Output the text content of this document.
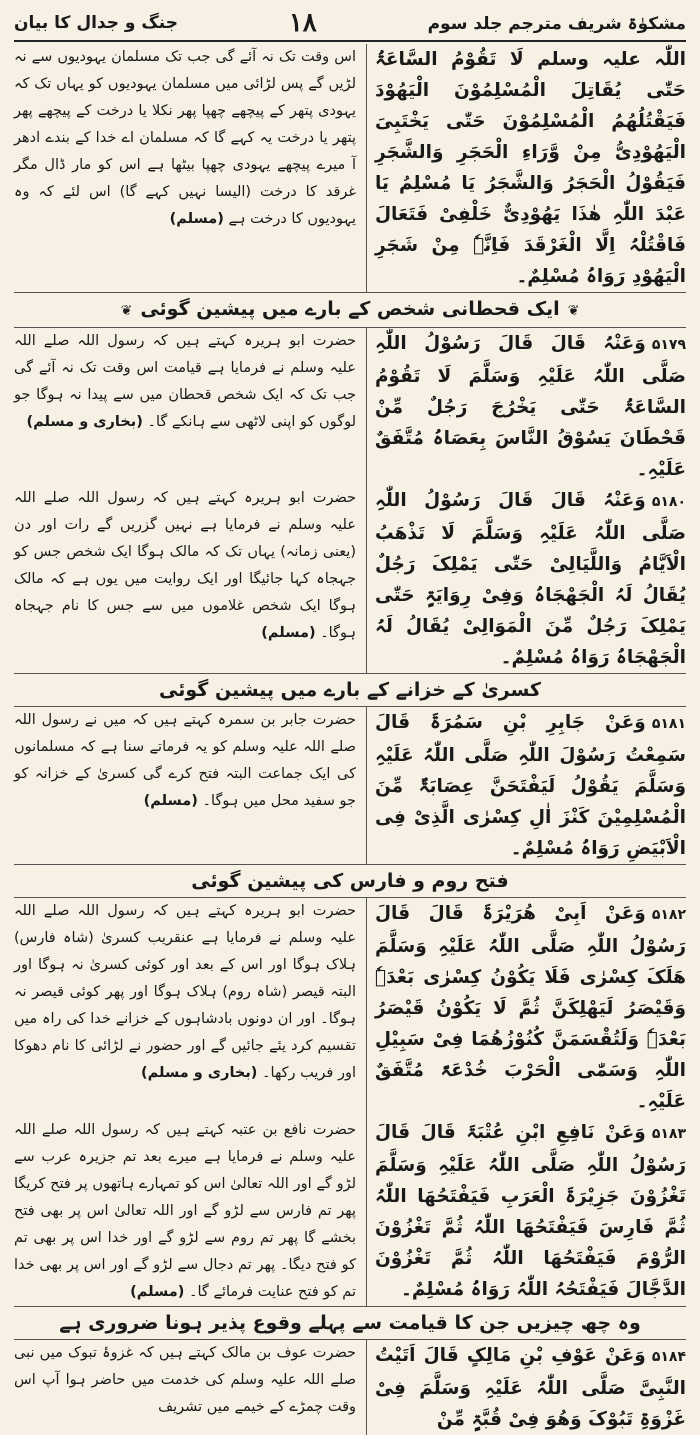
مشکوٰۃ شریف مترجم جلد سوم
۱۸
جنگ و جدال کا بیان
اللّٰہ علیہ وسلم لَا تَقُوْمُ السَّاعَۃُ حَتّٰی یُقَاتِلَ الْمُسْلِمُوْنَ الْیَھُوْدَ فَیَقْتُلُھُمُ الْمُسْلِمُوْنَ حَتّٰی یَخْتَبِیَ الْیَھُوْدِیُّ مِنْ وَّرَاءِ الْحَجَرِ وَالشَّجَرِ فَیَقُوْلُ الْحَجَرُ وَالشَّجَرُ یَا مُسْلِمُ یَا عَبْدَ اللّٰہِ ھٰذَا یَھُوْدِیٌّ خَلْفِیْ فَتَعَالَ فَاقْتُلْہُ اِلَّا الْغَرْقَدَ فَاِنَّہٗ مِنْ شَجَرِ الْیَھُوْدِ رَوَاہُ مُسْلِمٌ۔
اس وقت تک نہ آئے گی جب تک مسلمان یہودیوں سے نہ لڑیں گے پس لڑائی میں مسلمان یہودیوں کو یہاں تک کہ یہودی پتھر کے پیچھے چھپا پھر نکلا یا درخت کے پیچھے پھر پتھر یا درخت یہ کہے گا کہ مسلمان اے خدا کے بندے ادھر آ میرے پیچھے یہودی چھپا بیٹھا ہے اس کو مار ڈال مگر غرقد کا درخت (الیسا نہیں کہے گا) اس لئے کہ وہ یہودیوں کا درخت ہے (مسلم)
❦ ایک قحطانی شخص کے بارے میں پیشین گوئی ❦
۵۱۷۹وَعَنْہُ قَالَ قَالَ رَسُوْلُ اللّٰہِ صَلَّی اللّٰہُ عَلَیْہِ وَسَلَّمَ لَا تَقُوْمُ السَّاعَۃُ حَتّٰی یَخْرُجَ رَجُلٌ مِّنْ قَحْطَانَ یَسُوْقُ النَّاسَ بِعَصَاہُ مُتَّفَقٌ عَلَیْہِ۔
حضرت ابو ہریرہ کہتے ہیں کہ رسول اللہ صلے اللہ علیہ وسلم نے فرمایا ہے قیامت اس وقت تک نہ آئے گی جب تک کہ ایک شخص قحطان میں سے پیدا نہ ہوگا جو لوگوں کو اپنی لاٹھی سے ہانکے گا۔ (بخاری و مسلم)
۵۱۸۰وَعَنْہُ قَالَ قَالَ رَسُوْلُ اللّٰہِ صَلَّی اللّٰہُ عَلَیْہِ وَسَلَّمَ لَا تَذْھَبُ الْاَیَّامُ وَاللَّیَالِیْ حَتّٰی یَمْلِکَ رَجُلٌ یُقَالُ لَہُ الْجَھْجَاہُ وَفِیْ رِوَایَۃٍ حَتّٰی یَمْلِکَ رَجُلٌ مِّنَ الْمَوَالِیْ یُقَالُ لَہُ الْجَھْجَاہُ رَوَاہُ مُسْلِمٌ۔
حضرت ابو ہریرہ کہتے ہیں کہ رسول اللہ صلے اللہ علیہ وسلم نے فرمایا ہے نہیں گزریں گے رات اور دن (یعنی زمانہ) یہاں تک کہ مالک ہوگا ایک شخص جس کو جہجاہ کہا جائیگا اور ایک روایت میں یوں ہے کہ مالک ہوگا ایک شخص غلاموں میں سے جس کا نام جہجاہ ہوگا۔ (مسلم)
کسریٰ کے خزانے کے بارے میں پیشین گوئی
۵۱۸۱وَعَنْ جَابِرِ بْنِ سَمُرَۃَ قَالَ سَمِعْتُ رَسُوْلَ اللّٰہِ صَلَّی اللّٰہُ عَلَیْہِ وَسَلَّمَ یَقُوْلُ لَیَفْتَحَنَّ عِصَابَۃٌ مِّنَ الْمُسْلِمِیْنَ کَنْزَ اٰلِ کِسْرٰی الَّذِیْ فِی الْاَبْیَضِ رَوَاہُ مُسْلِمٌ۔
حضرت جابر بن سمرہ کہتے ہیں کہ میں نے رسول اللہ صلے اللہ علیہ وسلم کو یہ فرماتے سنا ہے کہ مسلمانوں کی ایک جماعت البتہ فتح کرے گی کسریٰ کے خزانہ کو جو سفید محل میں ہوگا۔ (مسلم)
فتح روم و فارس کی پیشین گوئی
۵۱۸۲وَعَنْ اَبِیْ ھُرَیْرَۃَ قَالَ قَالَ رَسُوْلُ اللّٰہِ صَلَّی اللّٰہُ عَلَیْہِ وَسَلَّمَ ھَلَکَ کِسْرٰی فَلَا یَکُوْنُ کِسْرٰی بَعْدَہٗ وَقَیْصَرُ لَیَھْلِکَنَّ ثُمَّ لَا یَکُوْنُ قَیْصَرُ بَعْدَہٗ وَلَتُقْسَمَنَّ کُنُوْزُھُمَا فِیْ سَبِیْلِ اللّٰہِ وَسَمّٰی الْحَرْبَ خُدْعَۃً مُتَّفَقٌ عَلَیْہِ۔
حضرت ابو ہریرہ کہتے ہیں کہ رسول اللہ صلے اللہ علیہ وسلم نے فرمایا ہے عنقریب کسریٰ (شاہ فارس) ہلاک ہوگا اور اس کے بعد اور کوئی کسریٰ نہ ہوگا اور البتہ قیصر (شاہ روم) ہلاک ہوگا اور پھر کوئی قیصر نہ ہوگا۔ اور ان دونوں بادشاہوں کے خزانے خدا کی راہ میں تقسیم کرد یئے جائیں گے اور حضور نے لڑائی کا نام دھوکا اور فریب رکھا۔ (بخاری و مسلم)
۵۱۸۳وَعَنْ نَافِعِ ابْنِ عُتْبَۃَ قَالَ قَالَ رَسُوْلُ اللّٰہِ صَلَّی اللّٰہُ عَلَیْہِ وَسَلَّمَ تَغْزُوْنَ جَزِیْرَۃَ الْعَرَبِ فَیَفْتَحُھَا اللّٰہُ ثُمَّ فَارِسَ فَیَفْتَحُھَا اللّٰہُ ثُمَّ تَغْزُوْنَ الرُّوْمَ فَیَفْتَحُھَا اللّٰہُ ثُمَّ تَغْزُوْنَ الدَّجَّالَ فَیَفْتَحُہُ اللّٰہُ رَوَاہُ مُسْلِمٌ۔
حضرت نافع بن عتبہ کہتے ہیں کہ رسول اللہ صلے اللہ علیہ وسلم نے فرمایا ہے میرے بعد تم جزیرہ عرب سے لڑو گے اور اللہ تعالیٰ اس کو تمہارے ہاتھوں پر فتح کریگا پھر تم فارس سے لڑو گے اور اللہ تعالیٰ اس پر بھی فتح بخشے گا پھر تم روم سے لڑو گے اور خدا اس پر بھی تم کو فتح دیگا۔ پھر تم دجال سے لڑو گے اور اس پر بھی خدا تم کو فتح عنایت فرمائے گا۔ (مسلم)
وہ چھ چیزیں جن کا قیامت سے پہلے وقوع پذیر ہونا ضروری ہے
۵۱۸۴وَعَنْ عَوْفِ بْنِ مَالِکٍ قَالَ اَتَیْتُ النَّبِیَّ صَلَّی اللّٰہُ عَلَیْہِ وَسَلَّمَ فِیْ غَزْوَۃِ تَبُوْکَ وَھُوَ فِیْ قُبَّۃٍ مِّنْ
حضرت عوف بن مالک کہتے ہیں کہ غزوۂ تبوک میں نبی صلے اللہ علیہ وسلم کی خدمت میں حاضر ہوا آپ اس وقت چمڑے کے خیمے میں تشریف
